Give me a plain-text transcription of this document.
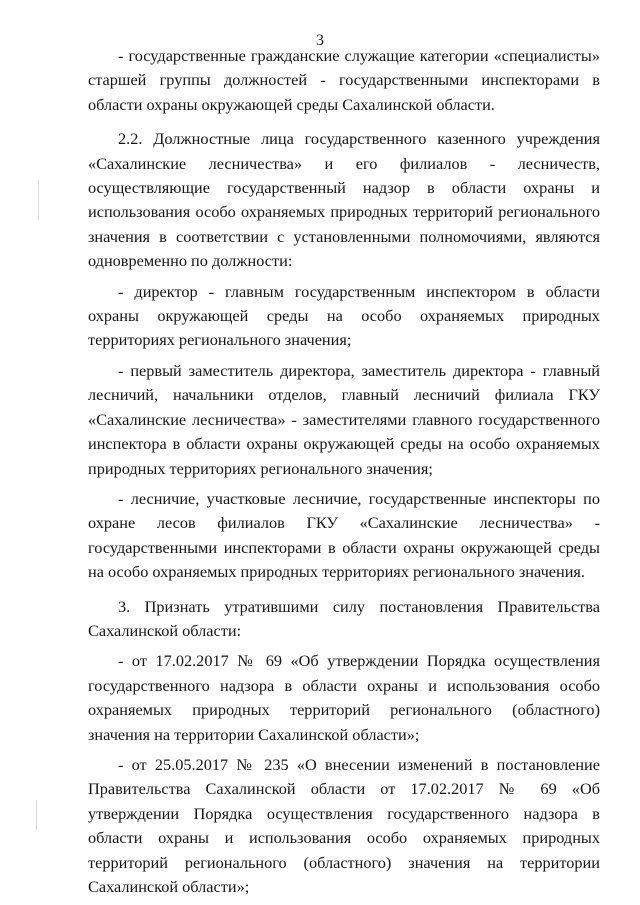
3

- государственные гражданские служащие категории «специалисты» старшей группы должностей - государственными инспекторами в области охраны окружающей среды Сахалинской области.

2.2. Должностные лица государственного казенного учреждения «Сахалинские лесничества» и его филиалов - лесничеств, осуществляющие государственный надзор в области охраны и использования особо охраняемых природных территорий регионального значения в соответствии с установленными полномочиями, являются одновременно по должности:

- директор - главным государственным инспектором в области охраны окружающей среды на особо охраняемых природных территориях регионального значения;

- первый заместитель директора, заместитель директора - главный лесничий, начальники отделов, главный лесничий филиала ГКУ «Сахалинские лесничества» - заместителями главного государственного инспектора в области охраны окружающей среды на особо охраняемых природных территориях регионального значения;

- лесничие, участковые лесничие, государственные инспекторы по охране лесов филиалов ГКУ «Сахалинские лесничества» - государственными инспекторами в области охраны окружающей среды на особо охраняемых природных территориях регионального значения.

3. Признать утратившими силу постановления Правительства Сахалинской области:

- от 17.02.2017 № 69 «Об утверждении Порядка осуществления государственного надзора в области охраны и использования особо охраняемых природных территорий регионального (областного) значения на территории Сахалинской области»;

- от 25.05.2017 № 235 «О внесении изменений в постановление Правительства Сахалинской области от 17.02.2017 № 69 «Об утверждении Порядка осуществления государственного надзора в области охраны и использования особо охраняемых природных территорий регионального (областного) значения на территории Сахалинской области»;
